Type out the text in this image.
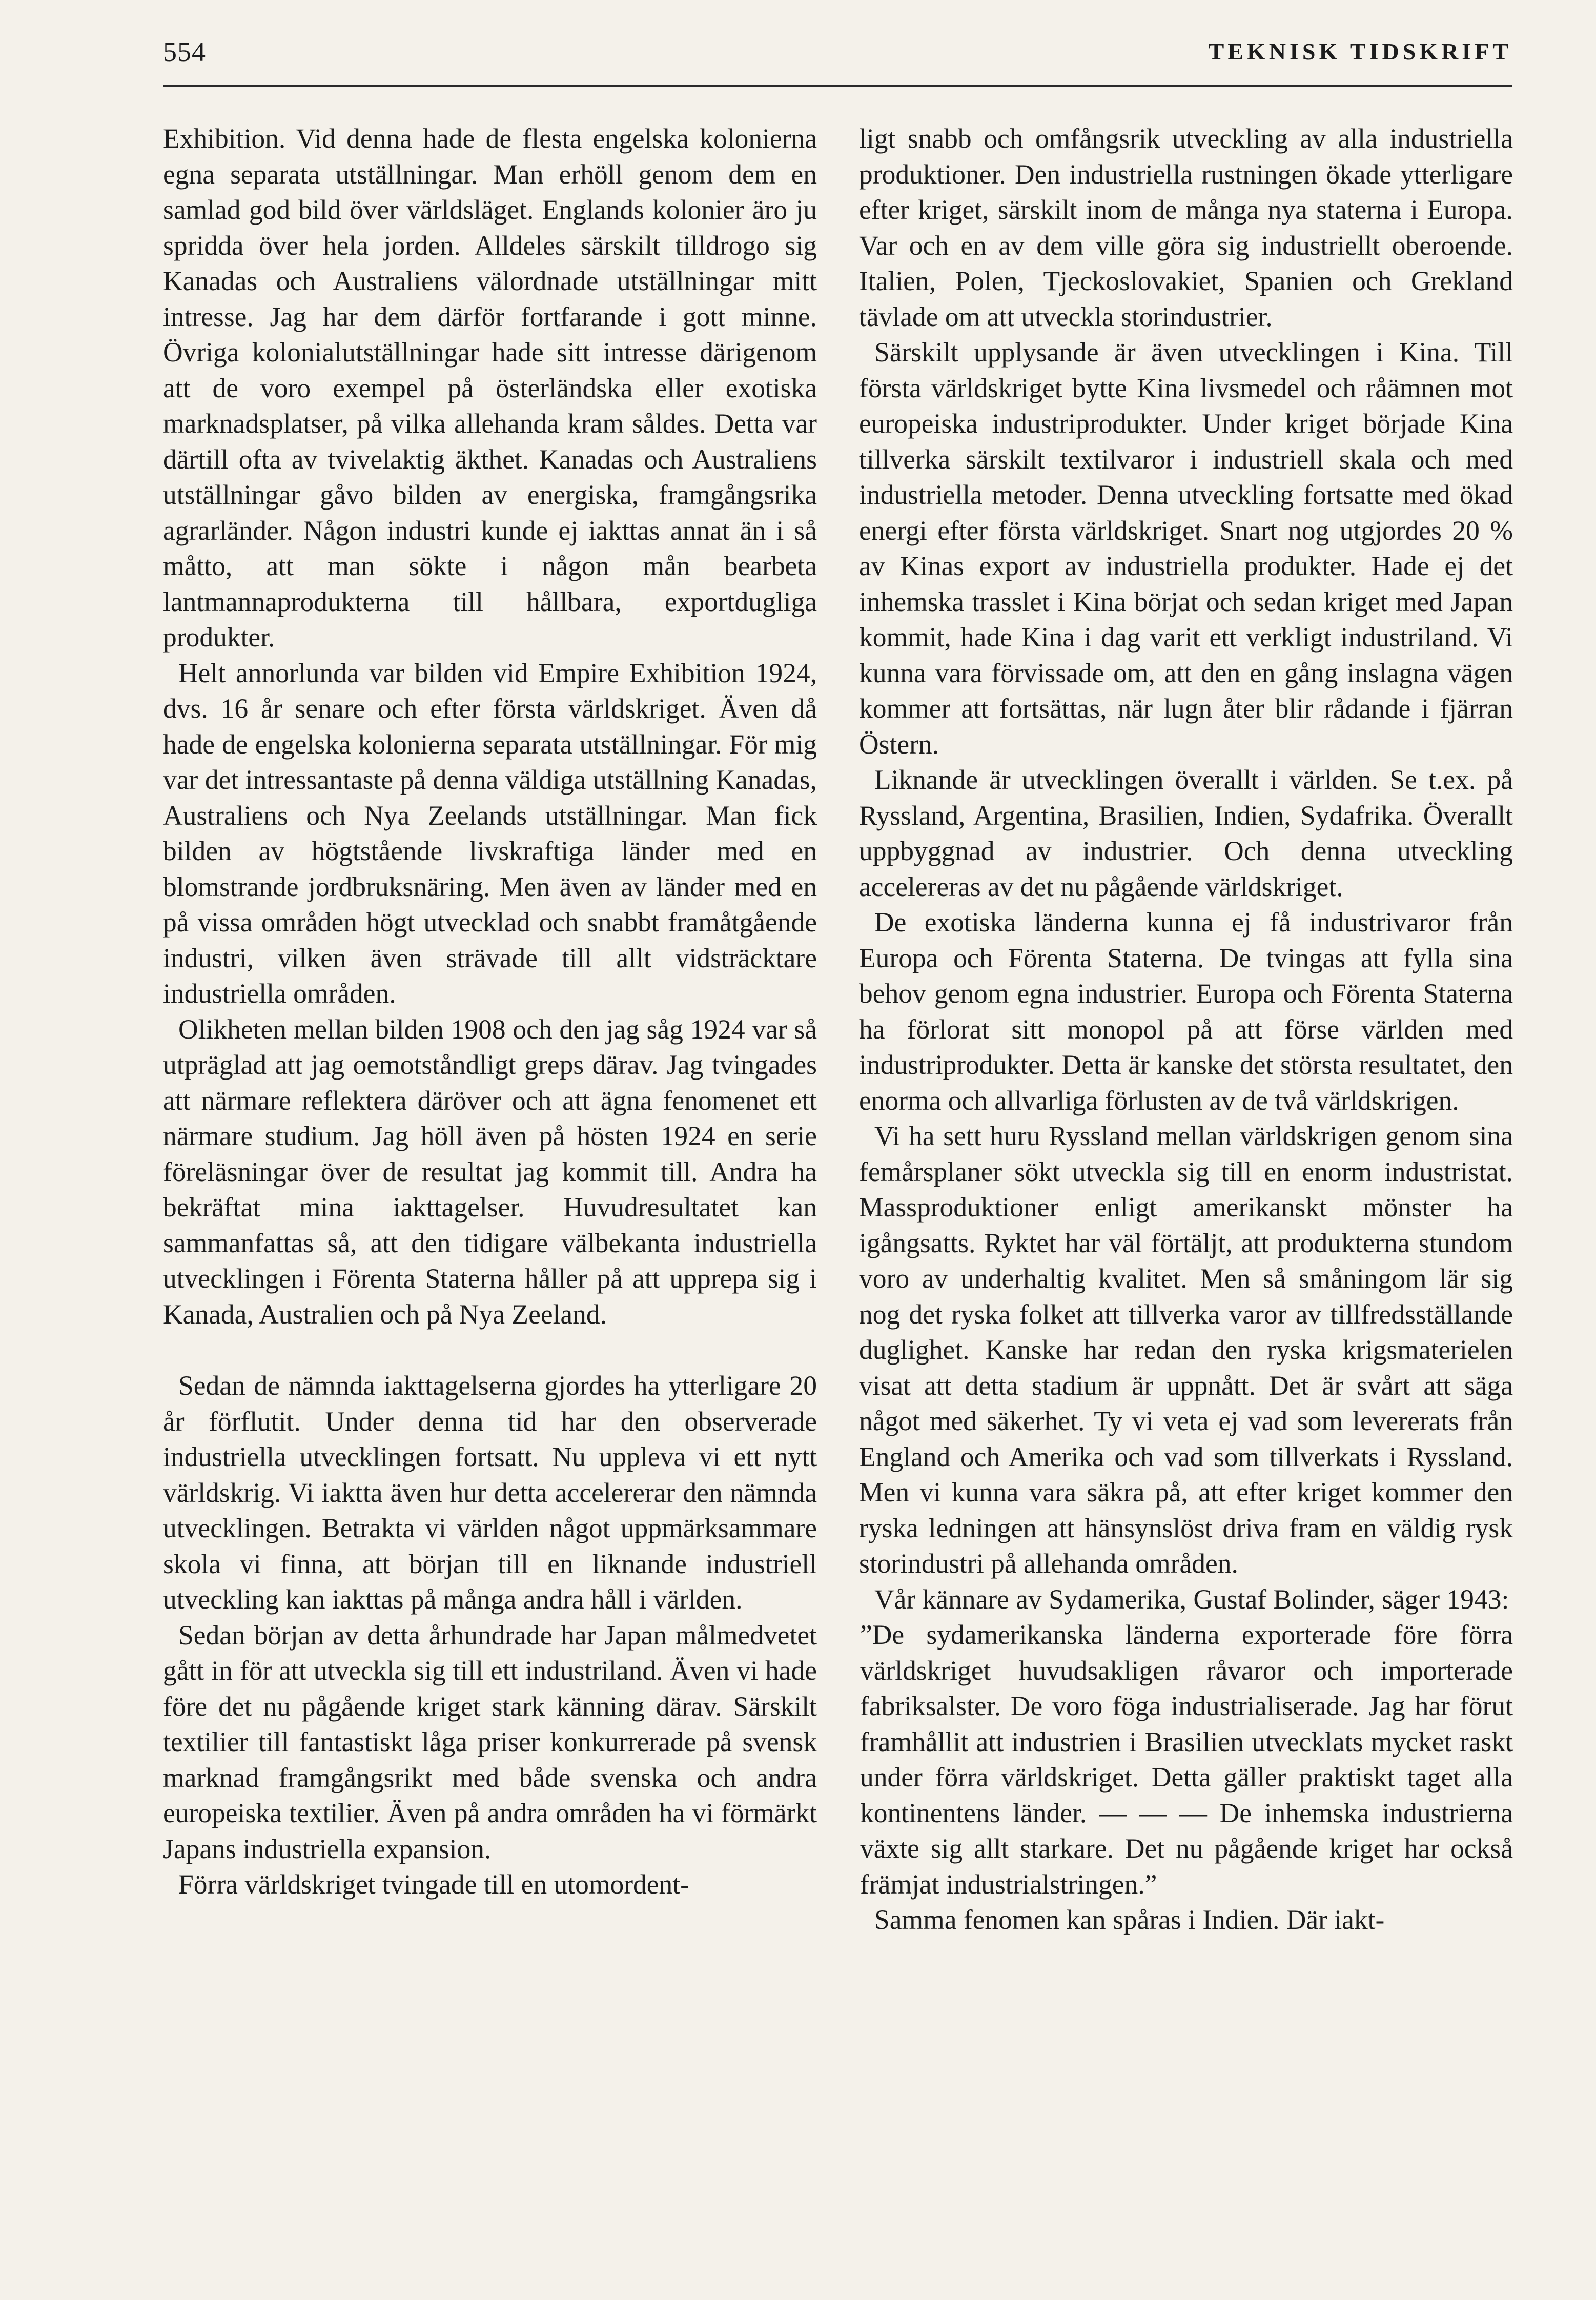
554	TEKNISK TIDSKRIFT

Exhibition. Vid denna hade de flesta engelska kolonierna egna separata utställningar. Man erhöll genom dem en samlad god bild över världsläget. Englands kolonier äro ju spridda över hela jorden. Alldeles särskilt tilldrogo sig Kanadas och Australiens välordnade utställningar mitt intresse. Jag har dem därför fortfarande i gott minne. Övriga kolonialutställningar hade sitt intresse därigenom att de voro exempel på österländska eller exotiska marknadsplatser, på vilka allehanda kram såldes. Detta var därtill ofta av tvivelaktig äkthet. Kanadas och Australiens utställningar gåvo bilden av energiska, framgångsrika agrarländer. Någon industri kunde ej iakttas annat än i så måtto, att man sökte i någon mån bearbeta lantmannaprodukterna till hållbara, exportdugliga produkter.

Helt annorlunda var bilden vid Empire Exhibition 1924, dvs. 16 år senare och efter första världskriget. Även då hade de engelska kolonierna separata utställningar. För mig var det intressantaste på denna väldiga utställning Kanadas, Australiens och Nya Zeelands utställningar. Man fick bilden av högtstående livskraftiga länder med en blomstrande jordbruksnäring. Men även av länder med en på vissa områden högt utvecklad och snabbt framåtgående industri, vilken även strävade till allt vidsträcktare industriella områden.

Olikheten mellan bilden 1908 och den jag såg 1924 var så utpräglad att jag oemotståndligt greps därav. Jag tvingades att närmare reflektera däröver och att ägna fenomenet ett närmare studium. Jag höll även på hösten 1924 en serie föreläsningar över de resultat jag kommit till. Andra ha bekräftat mina iakttagelser. Huvudresultatet kan sammanfattas så, att den tidigare välbekanta industriella utvecklingen i Förenta Staterna håller på att upprepa sig i Kanada, Australien och på Nya Zeeland.

Sedan de nämnda iakttagelserna gjordes ha ytterligare 20 år förflutit. Under denna tid har den observerade industriella utvecklingen fortsatt. Nu uppleva vi ett nytt världskrig. Vi iaktta även hur detta accelererar den nämnda utvecklingen. Betrakta vi världen något uppmärksammare skola vi finna, att början till en liknande industriell utveckling kan iakttas på många andra håll i världen.

Sedan början av detta århundrade har Japan målmedvetet gått in för att utveckla sig till ett industriland. Även vi hade före det nu pågående kriget stark känning därav. Särskilt textilier till fantastiskt låga priser konkurrerade på svensk marknad framgångsrikt med både svenska och andra europeiska textilier. Även på andra områden ha vi förmärkt Japans industriella expansion.

Förra världskriget tvingade till en utomordent-

ligt snabb och omfångsrik utveckling av alla industriella produktioner. Den industriella rustningen ökade ytterligare efter kriget, särskilt inom de många nya staterna i Europa. Var och en av dem ville göra sig industriellt oberoende. Italien, Polen, Tjeckoslovakiet, Spanien och Grekland tävlade om att utveckla storindustrier.

Särskilt upplysande är även utvecklingen i Kina. Till första världskriget bytte Kina livsmedel och råämnen mot europeiska industriprodukter. Under kriget började Kina tillverka särskilt textilvaror i industriell skala och med industriella metoder. Denna utveckling fortsatte med ökad energi efter första världskriget. Snart nog utgjordes 20 % av Kinas export av industriella produkter. Hade ej det inhemska trasslet i Kina börjat och sedan kriget med Japan kommit, hade Kina i dag varit ett verkligt industriland. Vi kunna vara förvissade om, att den en gång inslagna vägen kommer att fortsättas, när lugn åter blir rådande i fjärran Östern.

Liknande är utvecklingen överallt i världen. Se t.ex. på Ryssland, Argentina, Brasilien, Indien, Sydafrika. Överallt uppbyggnad av industrier. Och denna utveckling accelereras av det nu pågående världskriget.

De exotiska länderna kunna ej få industrivaror från Europa och Förenta Staterna. De tvingas att fylla sina behov genom egna industrier. Europa och Förenta Staterna ha förlorat sitt monopol på att förse världen med industriprodukter. Detta är kanske det största resultatet, den enorma och allvarliga förlusten av de två världskrigen.

Vi ha sett huru Ryssland mellan världskrigen genom sina femårsplaner sökt utveckla sig till en enorm industristat. Massproduktioner enligt amerikanskt mönster ha igångsatts. Ryktet har väl förtäljt, att produkterna stundom voro av underhaltig kvalitet. Men så småningom lär sig nog det ryska folket att tillverka varor av tillfredsställande duglighet. Kanske har redan den ryska krigsmaterielen visat att detta stadium är uppnått. Det är svårt att säga något med säkerhet. Ty vi veta ej vad som levererats från England och Amerika och vad som tillverkats i Ryssland. Men vi kunna vara säkra på, att efter kriget kommer den ryska ledningen att hänsynslöst driva fram en väldig rysk storindustri på allehanda områden.

Vår kännare av Sydamerika, Gustaf Bolinder, säger 1943:

”De sydamerikanska länderna exporterade före förra världskriget huvudsakligen råvaror och importerade fabriksalster. De voro föga industrialiserade. Jag har förut framhållit att industrien i Brasilien utvecklats mycket raskt under förra världskriget. Detta gäller praktiskt taget alla kontinentens länder. — — — De inhemska industrierna växte sig allt starkare. Det nu pågående kriget har också främjat industrialstringen.”

Samma fenomen kan spåras i Indien. Där iakt-
